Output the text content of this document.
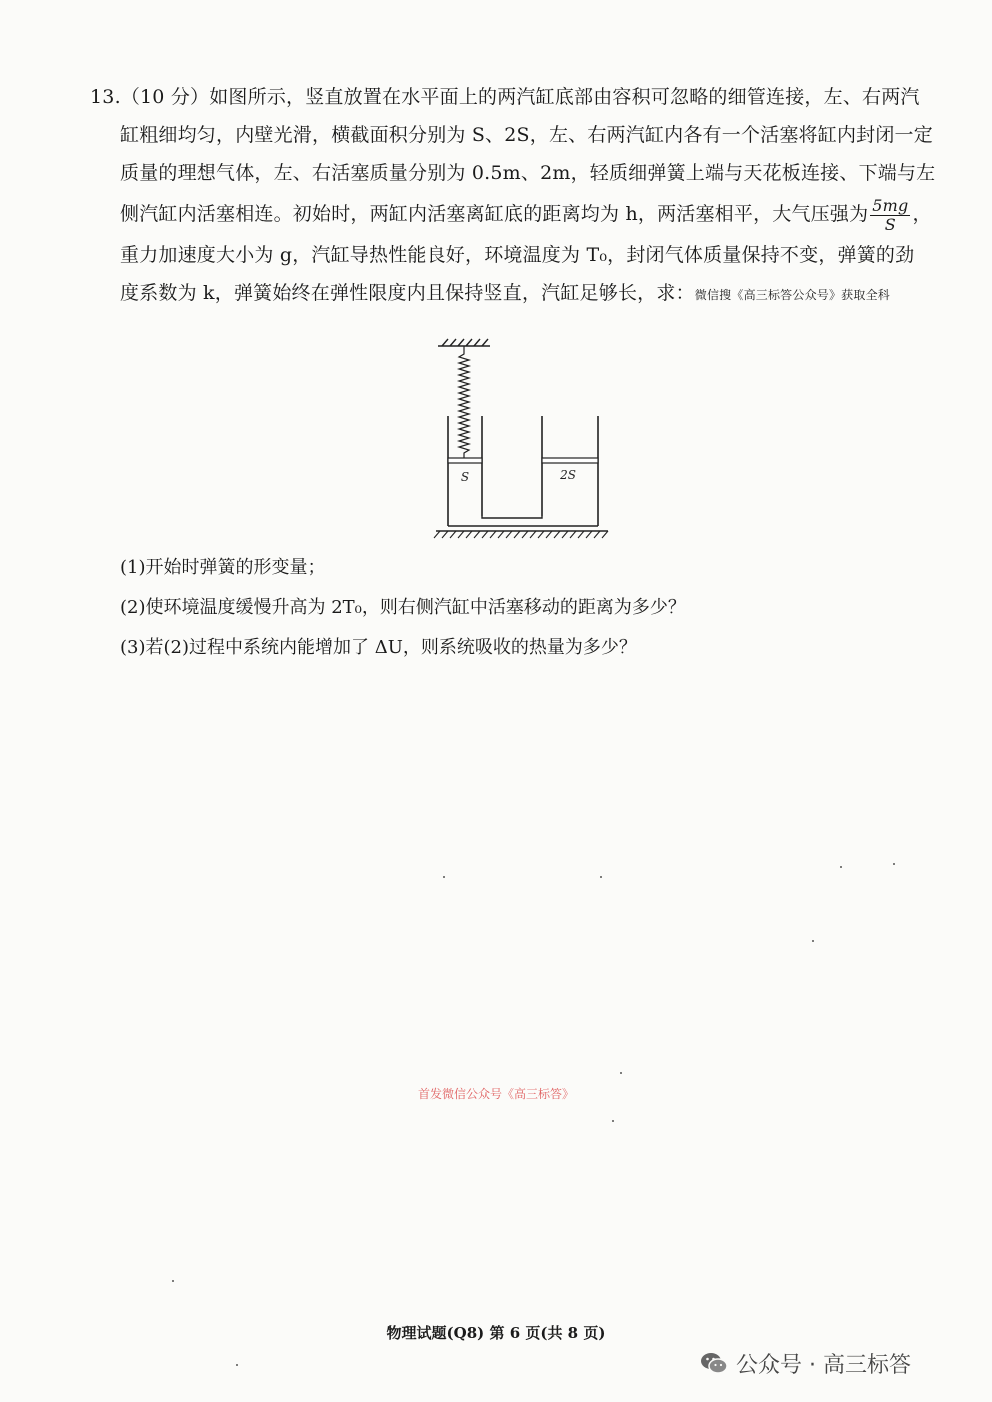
13.（10 分）如图所示，竖直放置在水平面上的两汽缸底部由容积可忽略的细管连接，左、右两汽
缸粗细均匀，内壁光滑，横截面积分别为 S、2S，左、右两汽缸内各有一个活塞将缸内封闭一定
质量的理想气体，左、右活塞质量分别为 0.5m、2m，轻质细弹簧上端与天花板连接、下端与左
侧汽缸内活塞相连。初始时，两缸内活塞离缸底的距离均为 h，两活塞相平，大气压强为 $\frac{5mg}{S}$ ，
重力加速度大小为 g，汽缸导热性能良好，环境温度为 T₀，封闭气体质量保持不变，弹簧的劲
度系数为 k，弹簧始终在弹性限度内且保持竖直，汽缸足够长，求：微信搜《高三标答公众号》获取全科
S	2S
(1)开始时弹簧的形变量；
(2)使环境温度缓慢升高为 2T₀，则右侧汽缸中活塞移动的距离为多少？
(3)若(2)过程中系统内能增加了 ΔU，则系统吸收的热量为多少？
首发微信公众号《高三标答》
物理试题(Q8) 第 6 页(共 8 页)
公众号 · 高三标答
